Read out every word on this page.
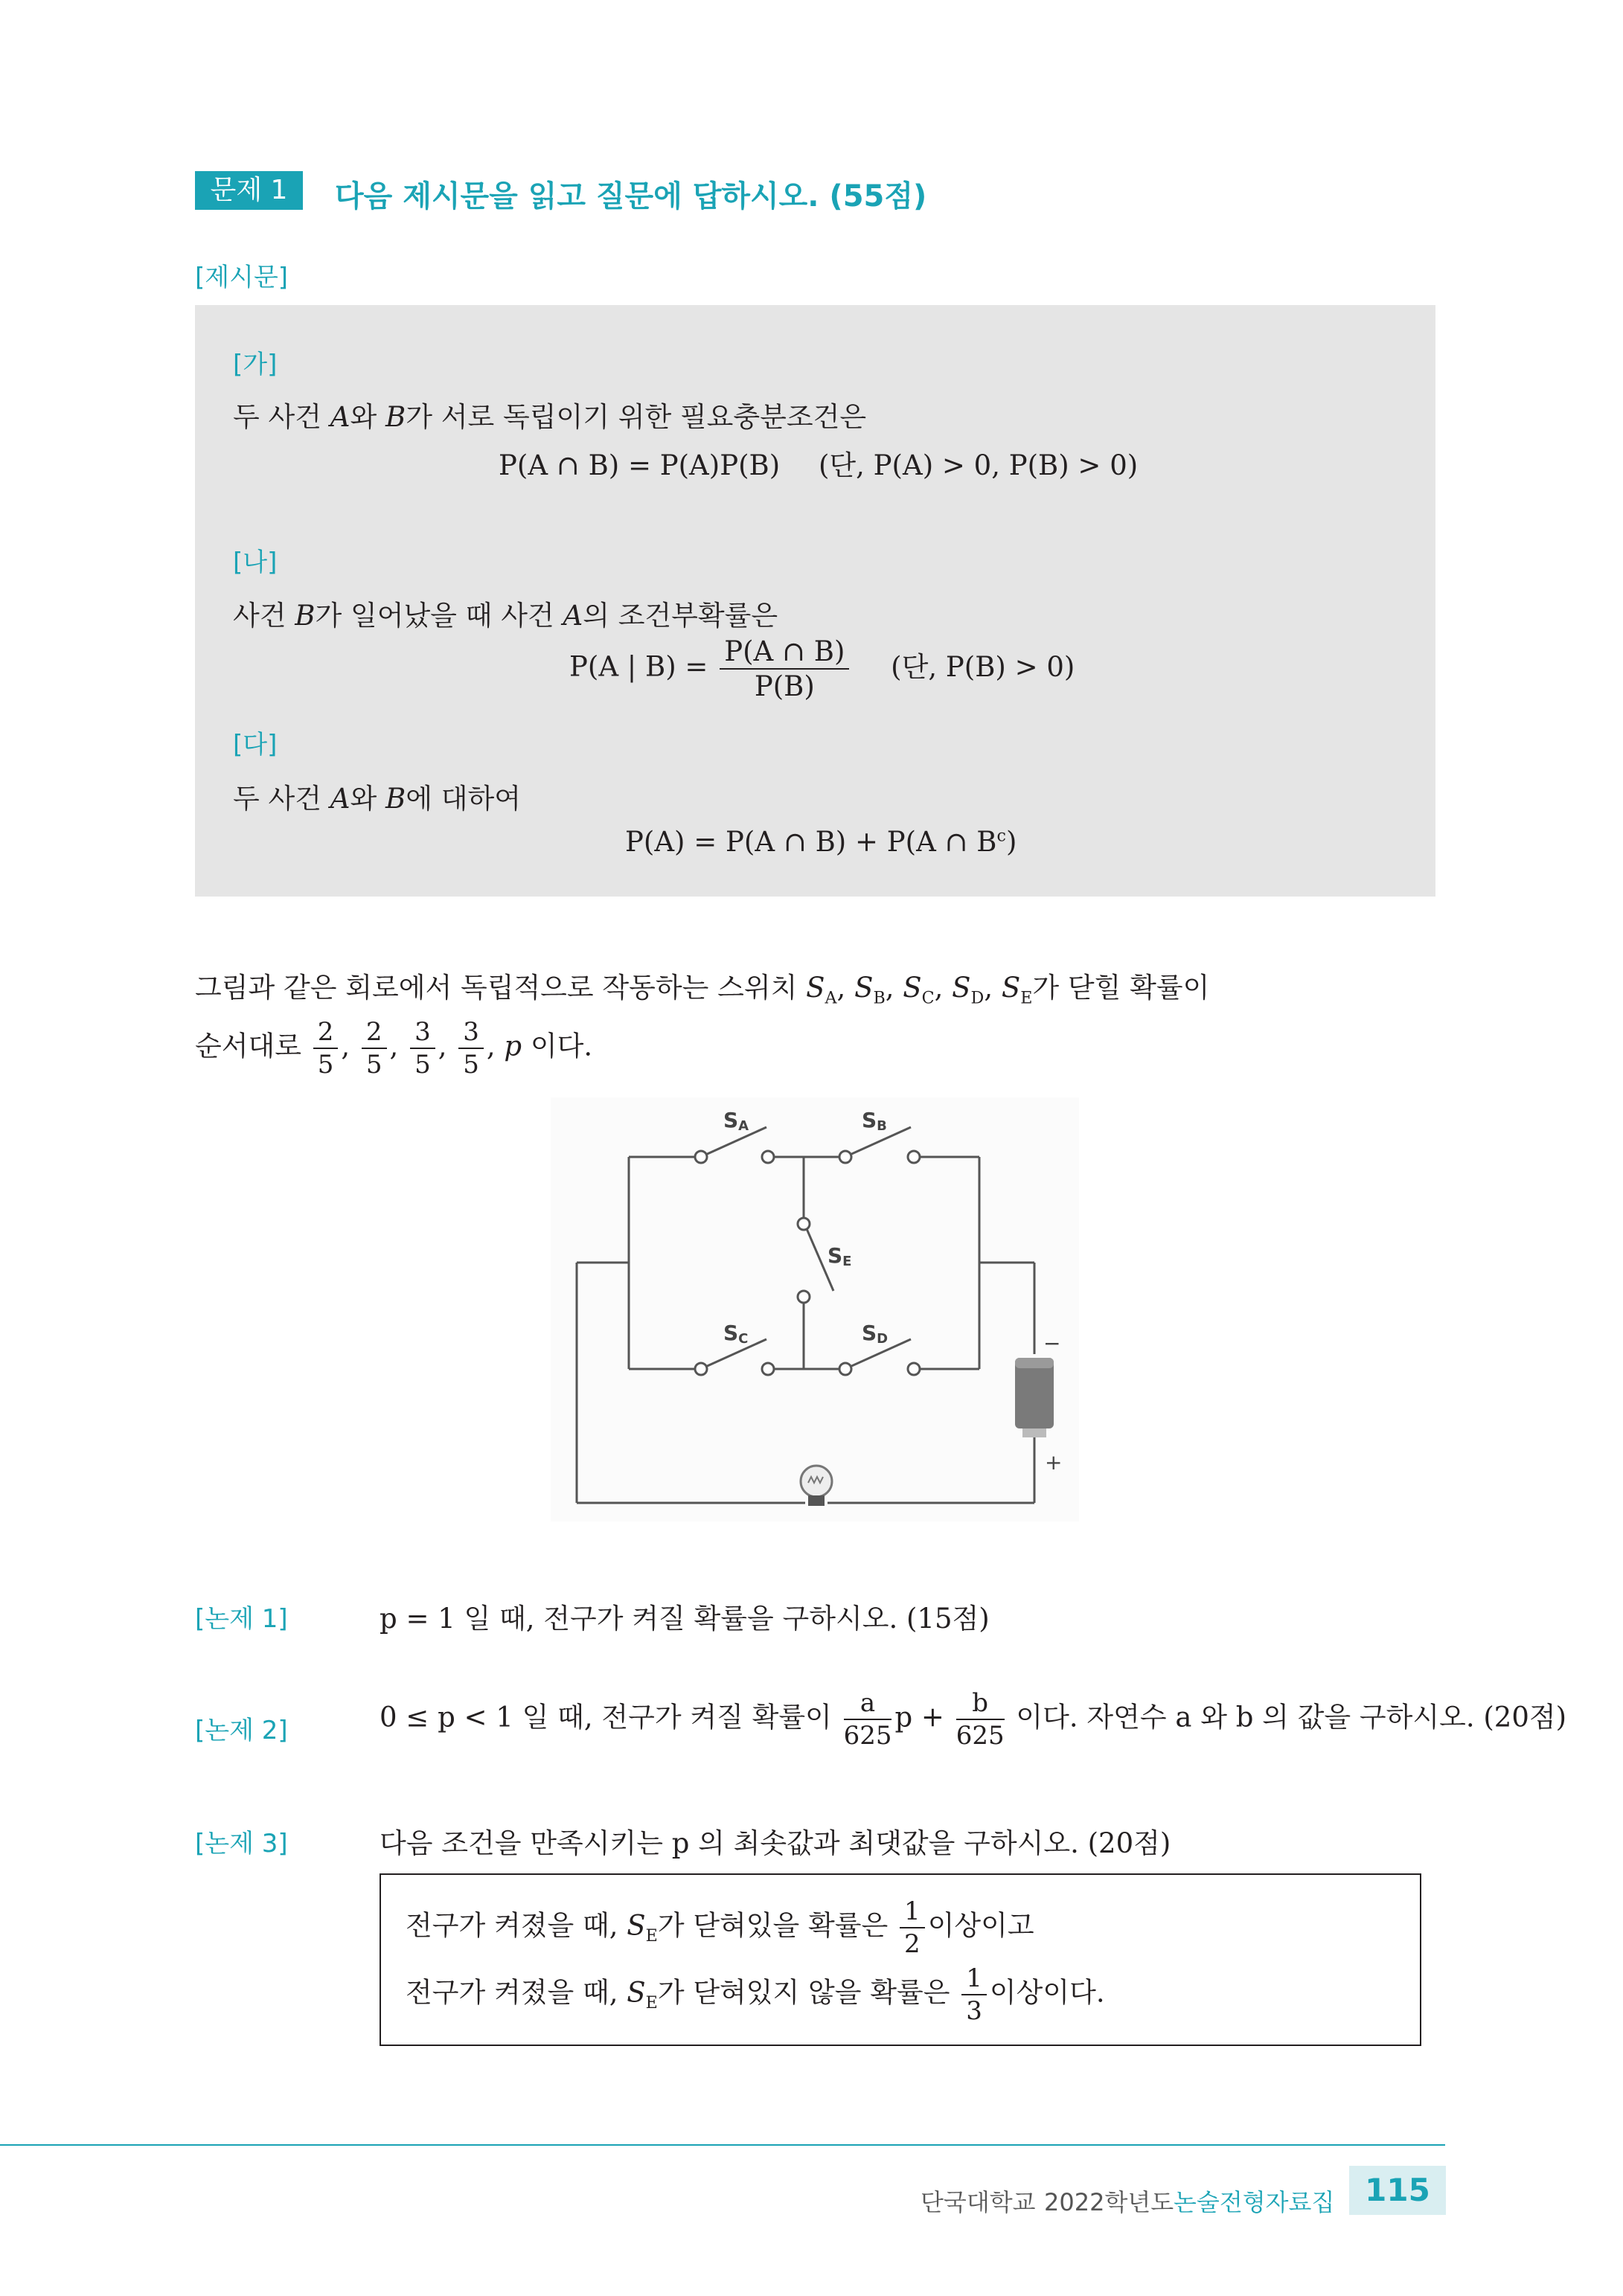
문제 1	다음 제시문을 읽고 질문에 답하시오. (55점)
[제시문]
[가]
두 사건 A와 B가 서로 독립이기 위한 필요충분조건은
P(A ∩ B) = P(A)P(B) (단, P(A) > 0, P(B) > 0)
[나]
사건 B가 일어났을 때 사건 A의 조건부확률은
P(A | $B) = \frac{P(A \cap B)}{P(B)}$ (단, P(B) > 0)
[다]
두 사건 A와 B에 대하여
P(A) = P(A ∩ B) + P(A ∩ $B^c$)
그림과 같은 회로에서 독립적으로 작동하는 스위치 $S_A$, $S_B$, $S_C$, $S_D$, $S_E$가 닫힐 확률이
순서대로 $\frac{2}{5}$ , $\frac{2}{5}$ , $\frac{3}{5}$ , $\frac{3}{5}$ , p 이다.
SA	SB
SC	SD
SE
−
+
[논제 1]	p = 1 일 때, 전구가 켜질 확률을 구하시오. (15점)
[논제 2]	0 ≤ p < 1 일 때, 전구가 켜질 확률이 $\frac{a}{625}$ $p + \frac{b}{625}$ 이다. 자연수 a 와 b 의 값을 구하시오. (20점)
[논제 3]	다음 조건을 만족시키는 p 의 최솟값과 최댓값을 구하시오. (20점)
전구가 켜졌을 때, $S_E$가 닫혀있을 확률은 $\frac{1}{2}$ 이상이고
전구가 켜졌을 때, $S_E$가 닫혀있지 않을 확률은 $\frac{1}{3}$ 이상이다.
단국대학교 2022학년도 논술전형자료집 115
